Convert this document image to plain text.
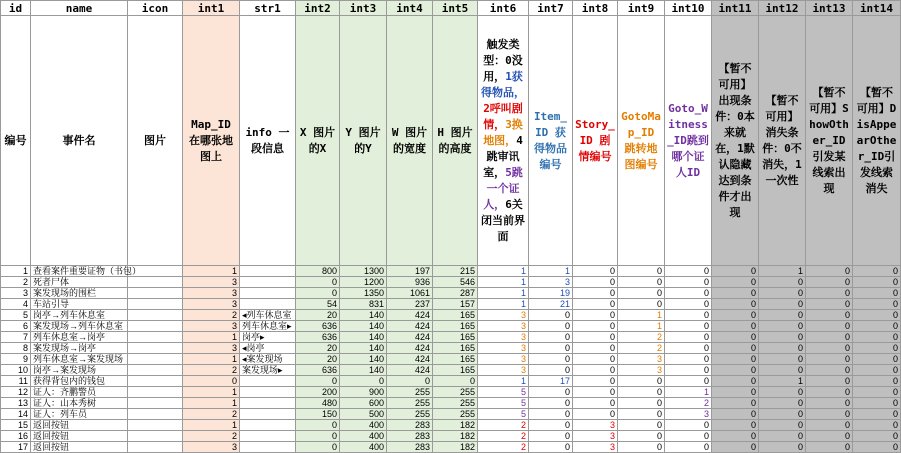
id	name	icon	int1	str1	int2	int3	int4	int5	int6	int7	int8	int9	int10	int11	int12	int13	int14
编号	事件名	图片	Map_ID 在哪张地图上	info 一段信息	X 图片的X	Y 图片的Y	W 图片的宽度	H 图片的高度	触发类型：0没用，1获得物品，2呼叫剧情，3换地图，4跳审讯室，5跳一个证人，6关闭当前界面	Item_ID 获得物品编号	Story_ID 剧情编号	GotoMap_ID 跳转地图编号	Goto_Witness_ID跳到哪个证人ID	【暂不可用】出现条件：0本来就在，1默认隐藏达到条件才出现	【暂不可用】消失条件：0不消失，1一次性	【暂不可用】ShowOther_ID引发某线索出现	【暂不可用】DisAppearOther_ID引发线索消失
1	查看案件重要证物（书包）		1		800	1300	197	215	1	1	0	0	0	0	1	0	0
2	死者尸体		3		0	1200	936	546	1	3	0	0	0	0	0	0	0
3	案发现场的围栏		3		0	1350	1061	287	1	19	0	0	0	0	0	0	0
4	车站引导		3		54	831	237	157	1	21	0	0	0	0	0	0	0
5	岗亭→列车休息室		2	◂列车休息室	20	140	424	165	3	0	0	1	0	0	0	0	0
6	案发现场→列车休息室		3	列车休息室▸	636	140	424	165	3	0	0	1	0	0	0	0	0
7	列车休息室→岗亭		1	岗亭▸	636	140	424	165	3	0	0	2	0	0	0	0	0
8	案发现场→岗亭		3	◂岗亭	20	140	424	165	3	0	0	2	0	0	0	0	0
9	列车休息室→案发现场		1	◂案发现场	20	140	424	165	3	0	0	3	0	0	0	0	0
10	岗亭→案发现场		2	案发现场▸	636	140	424	165	3	0	0	3	0	0	0	0	0
11	获得背包内的钱包		0		0	0	0	0	1	17	0	0	0	0	1	0	0
12	证人：齐鹏警员		1		200	900	255	255	5	0	0	0	1	0	0	0	0
13	证人：山本秀树		1		480	600	255	255	5	0	0	0	2	0	0	0	0
14	证人：列车员		2		150	500	255	255	5	0	0	0	3	0	0	0	0
15	返回按钮		1		0	400	283	182	2	0	3	0	0	0	0	0	0
16	返回按钮		2		0	400	283	182	2	0	3	0	0	0	0	0	0
17	返回按钮		3		0	400	283	182	2	0	3	0	0	0	0	0	0
